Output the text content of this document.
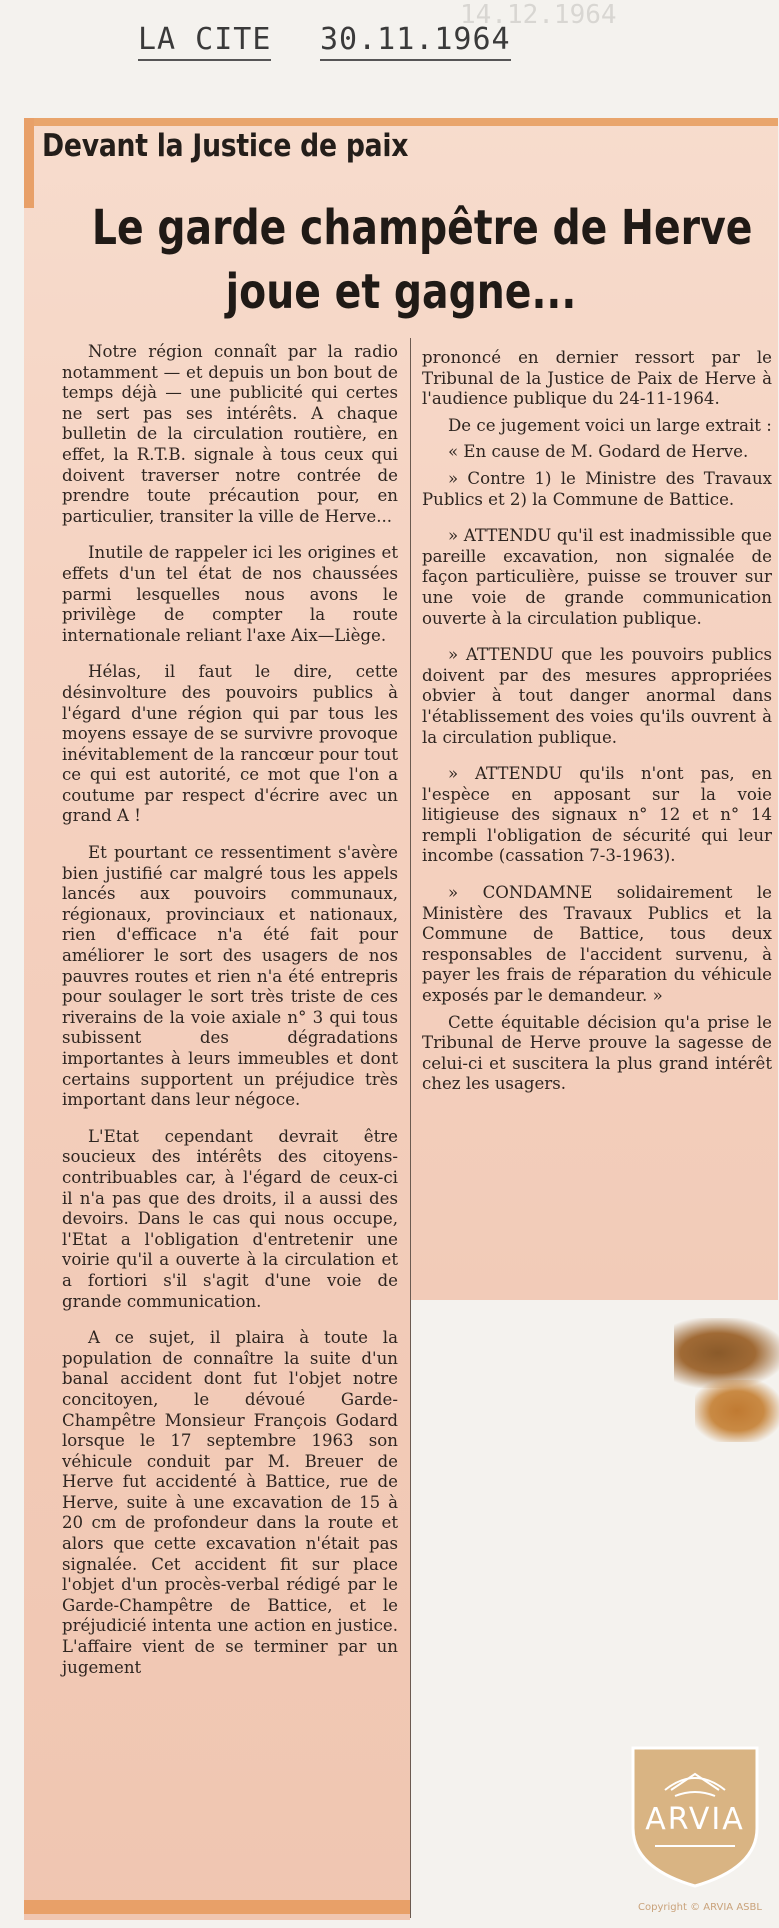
14.12.1964
LA CITE 30.11.1964
Devant la Justice de paix
Le garde champêtre de Herve
joue et gagne...

Notre région connaît par la radio notamment — et depuis un bon bout de temps déjà — une publicité qui certes ne sert pas ses intérêts. A chaque bulletin de la circulation routière, en effet, la R.T.B. signale à tous ceux qui doivent traverser notre contrée de prendre toute précaution pour, en particulier, transiter la ville de Herve...

Inutile de rappeler ici les origines et effets d'un tel état de nos chaussées parmi lesquelles nous avons le privilège de compter la route internationale reliant l'axe Aix—Liège.

Hélas, il faut le dire, cette désinvolture des pouvoirs publics à l'égard d'une région qui par tous les moyens essaye de se survivre provoque inévitablement de la rancœur pour tout ce qui est autorité, ce mot que l'on a coutume par respect d'écrire avec un grand A !

Et pourtant ce ressentiment s'avère bien justifié car malgré tous les appels lancés aux pouvoirs communaux, régionaux, provinciaux et nationaux, rien d'efficace n'a été fait pour améliorer le sort des usagers de nos pauvres routes et rien n'a été entrepris pour soulager le sort très triste de ces riverains de la voie axiale n° 3 qui tous subissent des dégradations importantes à leurs immeubles et dont certains supportent un préjudice très important dans leur négoce.

L'Etat cependant devrait être soucieux des intérêts des citoyens-contribuables car, à l'égard de ceux-ci il n'a pas que des droits, il a aussi des devoirs. Dans le cas qui nous occupe, l'Etat a l'obligation d'entretenir une voirie qu'il a ouverte à la circulation et a fortiori s'il s'agit d'une voie de grande communication.

A ce sujet, il plaira à toute la population de connaître la suite d'un banal accident dont fut l'objet notre concitoyen, le dévoué Garde-Champêtre Monsieur François Godard lorsque le 17 septembre 1963 son véhicule conduit par M. Breuer de Herve fut accidenté à Battice, rue de Herve, suite à une excavation de 15 à 20 cm de profondeur dans la route et alors que cette excavation n'était pas signalée. Cet accident fit sur place l'objet d'un procès-verbal rédigé par le Garde-Champêtre de Battice, et le préjudicié intenta une action en justice. L'affaire vient de se terminer par un jugement

prononcé en dernier ressort par le Tribunal de la Justice de Paix de Herve à l'audience publique du 24-11-1964.

De ce jugement voici un large extrait :

« En cause de M. Godard de Herve.

» Contre 1) le Ministre des Travaux Publics et 2) la Commune de Battice.

» ATTENDU qu'il est inadmissible que pareille excavation, non signalée de façon particulière, puisse se trouver sur une voie de grande communication ouverte à la circulation publique.

» ATTENDU que les pouvoirs publics doivent par des mesures appropriées obvier à tout danger anormal dans l'établissement des voies qu'ils ouvrent à la circulation publique.

» ATTENDU qu'ils n'ont pas, en l'espèce en apposant sur la voie litigieuse des signaux n° 12 et n° 14 rempli l'obligation de sécurité qui leur incombe (cassation 7-3-1963).

» CONDAMNE solidairement le Ministère des Travaux Publics et la Commune de Battice, tous deux responsables de l'accident survenu, à payer les frais de réparation du véhicule exposés par le demandeur. »

Cette équitable décision qu'a prise le Tribunal de Herve prouve la sagesse de celui-ci et suscitera la plus grand intérêt chez les usagers.

ARVIA
Copyright © ARVIA ASBL
